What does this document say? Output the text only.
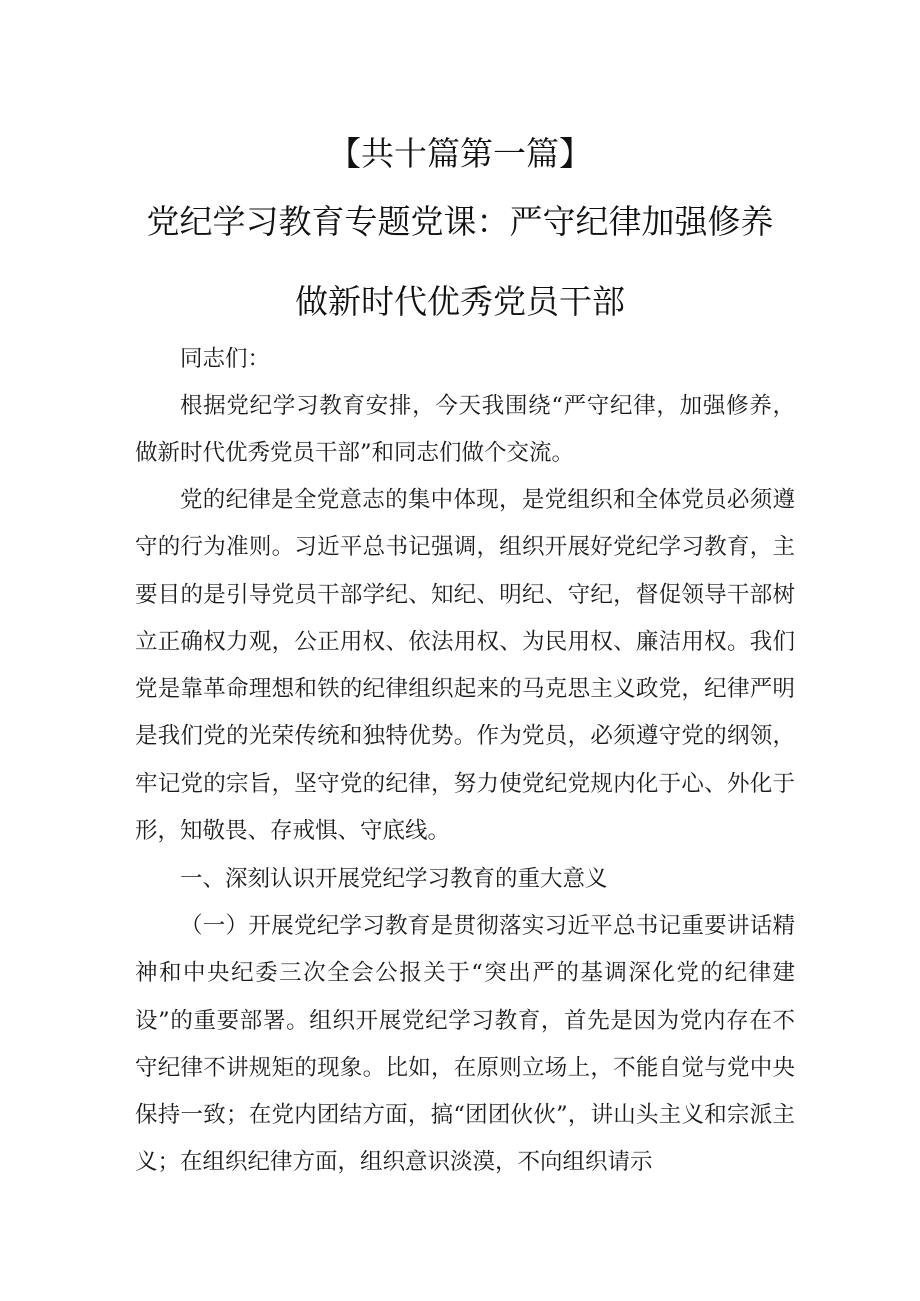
【共十篇第一篇】
党纪学习教育专题党课：严守纪律加强修养
做新时代优秀党员干部
同志们：

根据党纪学习教育安排，今天我围绕“严守纪律，加强修养，做新时代优秀党员干部”和同志们做个交流。

党的纪律是全党意志的集中体现，是党组织和全体党员必须遵守的行为准则。习近平总书记强调，组织开展好党纪学习教育，主要目的是引导党员干部学纪、知纪、明纪、守纪，督促领导干部树立正确权力观，公正用权、依法用权、为民用权、廉洁用权。我们党是靠革命理想和铁的纪律组织起来的马克思主义政党，纪律严明是我们党的光荣传统和独特优势。作为党员，必须遵守党的纲领，牢记党的宗旨，坚守党的纪律，努力使党纪党规内化于心、外化于形，知敬畏、存戒惧、守底线。

一、深刻认识开展党纪学习教育的重大意义

（一）开展党纪学习教育是贯彻落实习近平总书记重要讲话精神和中央纪委三次全会公报关于“突出严的基调深化党的纪律建设”的重要部署。组织开展党纪学习教育，首先是因为党内存在不守纪律不讲规矩的现象。比如，在原则立场上，不能自觉与党中央保持一致；在党内团结方面，搞“团团伙伙”，讲山头主义和宗派主义；在组织纪律方面，组织意识淡漠，不向组织请示
